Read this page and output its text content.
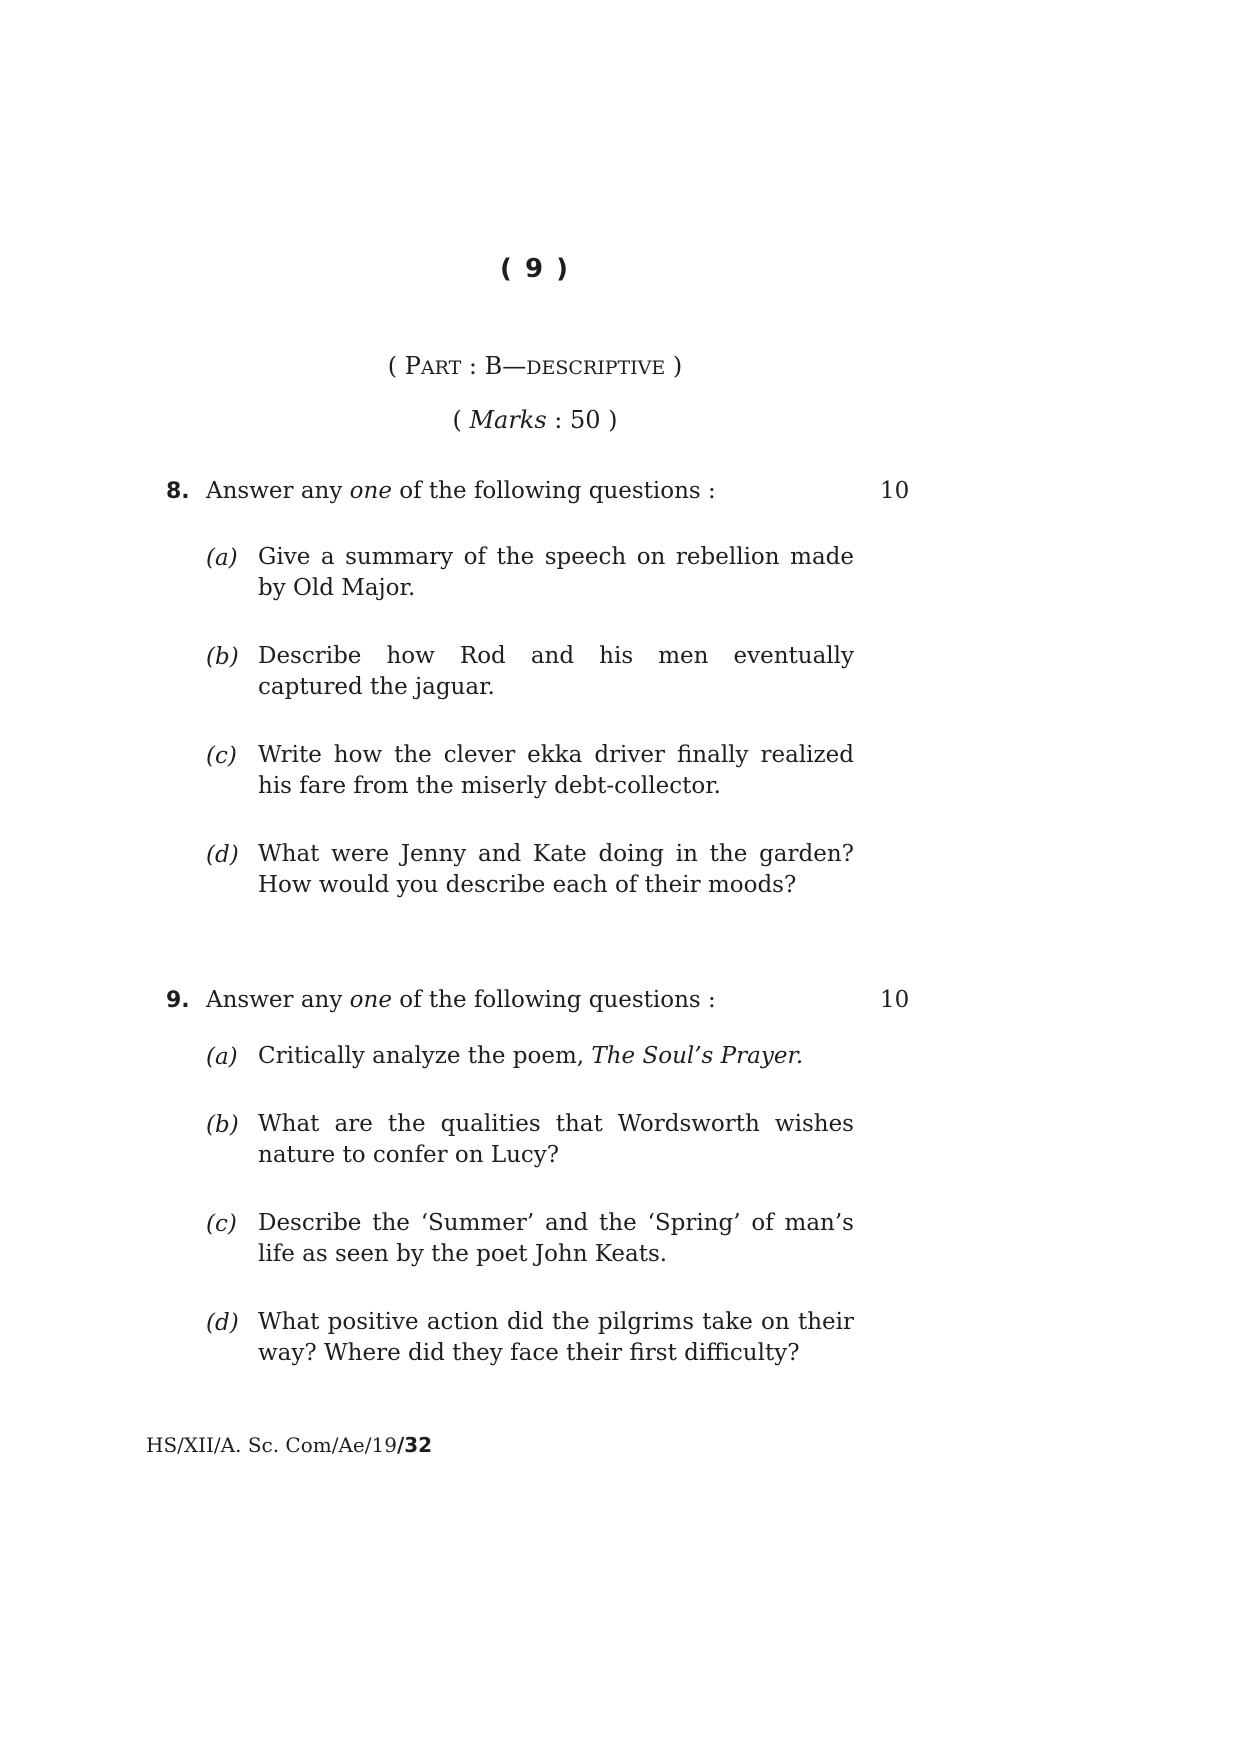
( 9 )
( PART : B—DESCRIPTIVE )
( Marks : 50 )
8. Answer any one of the following questions :	10
(a) Give a summary of the speech on rebellion made by Old Major.
(b) Describe how Rod and his men eventually captured the jaguar.
(c) Write how the clever ekka driver finally realized his fare from the miserly debt-collector.
(d) What were Jenny and Kate doing in the garden? How would you describe each of their moods?
9. Answer any one of the following questions :	10
(a) Critically analyze the poem, The Soul’s Prayer.
(b) What are the qualities that Wordsworth wishes nature to confer on Lucy?
(c) Describe the ‘Summer’ and the ‘Spring’ of man’s life as seen by the poet John Keats.
(d) What positive action did the pilgrims take on their way? Where did they face their first difficulty?
HS/XII/A. Sc. Com/Ae/19/32
